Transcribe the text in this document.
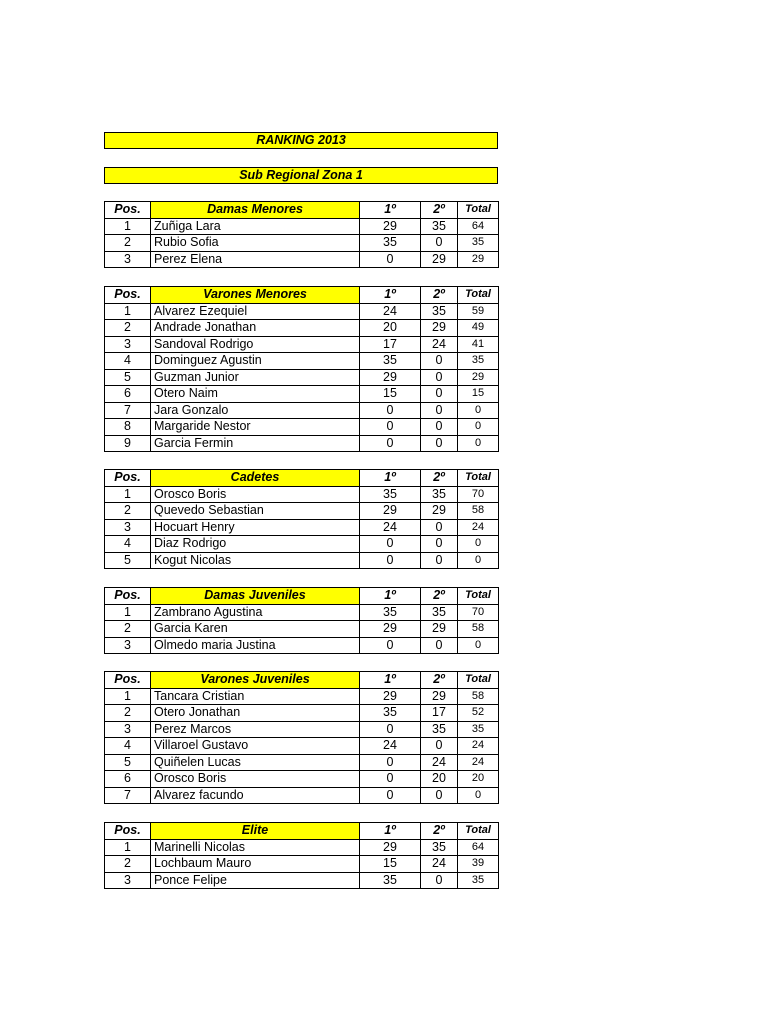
RANKING 2013
Sub Regional Zona 1
Pos.	Damas Menores	1º	2º	Total
1	Zuñiga Lara	29	35	64
2	Rubio Sofia	35	0	35
3	Perez Elena	0	29	29
Pos.	Varones Menores	1º	2º	Total
1	Alvarez Ezequiel	24	35	59
2	Andrade Jonathan	20	29	49
3	Sandoval Rodrigo	17	24	41
4	Dominguez Agustin	35	0	35
5	Guzman Junior	29	0	29
6	Otero Naim	15	0	15
7	Jara Gonzalo	0	0	0
8	Margaride Nestor	0	0	0
9	Garcia Fermin	0	0	0
Pos.	Cadetes	1º	2º	Total
1	Orosco Boris	35	35	70
2	Quevedo Sebastian	29	29	58
3	Hocuart Henry	24	0	24
4	Diaz Rodrigo	0	0	0
5	Kogut Nicolas	0	0	0
Pos.	Damas Juveniles	1º	2º	Total
1	Zambrano Agustina	35	35	70
2	Garcia Karen	29	29	58
3	Olmedo maria Justina	0	0	0
Pos.	Varones Juveniles	1º	2º	Total
1	Tancara Cristian	29	29	58
2	Otero Jonathan	35	17	52
3	Perez Marcos	0	35	35
4	Villaroel Gustavo	24	0	24
5	Quiñelen Lucas	0	24	24
6	Orosco Boris	0	20	20
7	Alvarez facundo	0	0	0
Pos.	Elite	1º	2º	Total
1	Marinelli Nicolas	29	35	64
2	Lochbaum Mauro	15	24	39
3	Ponce Felipe	35	0	35
